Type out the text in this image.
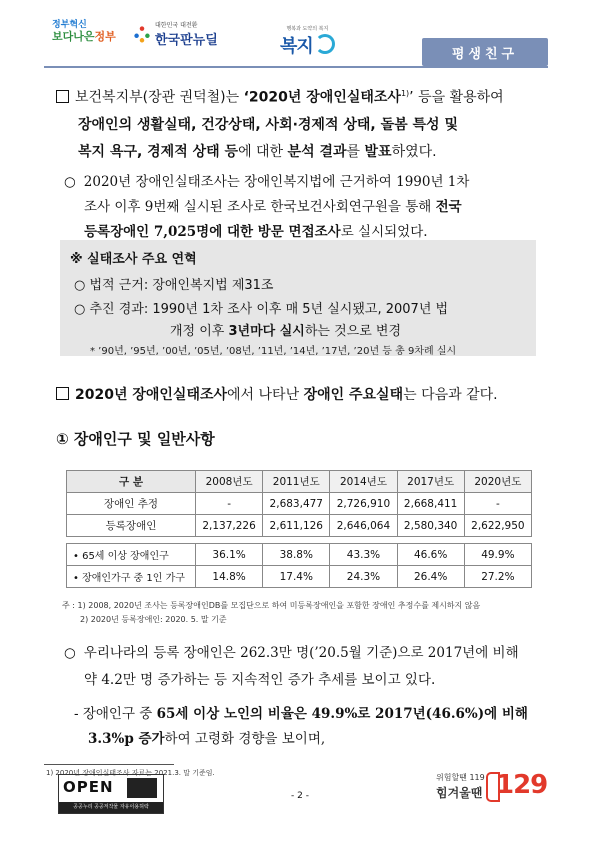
정부혁신
보다나은정부
대한민국 대전환
한국판뉴딜
행복과 도약의 복지
복지	평생친구
보건복지부(장관 권덕철)는 ‘2020년 장애인실태조사$^{1)}$’ 등을 활용하여
장애인의 생활실태, 건강상태, 사회·경제적 상태, 돌봄 특성 및
복지 욕구, 경제적 상태 등에 대한 분석 결과를 발표하였다.
○ 2020년 장애인실태조사는 장애인복지법에 근거하여 1990년 1차
조사 이후 9번째 실시된 조사로 한국보건사회연구원을 통해 전국
등록장애인 7,025명에 대한 방문 면접조사로 실시되었다.
※ 실태조사 주요 연혁
○ 법적 근거: 장애인복지법 제31조
○ 추진 경과: 1990년 1차 조사 이후 매 5년 실시됐고, 2007년 법
개정 이후 3년마다 실시하는 것으로 변경
* ’90년, ’95년, ’00년, ’05년, ’08년, ’11년, ’14년, ’17년, ’20년 등 총 9차례 실시
2020년 장애인실태조사에서 나타난 장애인 주요실태는 다음과 같다.
① 장애인구 및 일반사항
구 분	2008년도	2011년도	2014년도	2017년도	2020년도
장애인 추정	-	2,683,477	2,726,910	2,668,411	-
등록장애인	2,137,226	2,611,126	2,646,064	2,580,340	2,622,950

• 65세 이상 장애인구	36.1%	38.8%	43.3%	46.6%	49.9%
• 장애인가구 중 1인 가구	14.8%	17.4%	24.3%	26.4%	27.2%
주 : 1) 2008, 2020년 조사는 등록장애인DB를 모집단으로 하여 미등록장애인을 포함한 장애인 추정수를 제시하지 않음
2) 2020년 등록장애인: 2020. 5. 말 기준
○ 우리나라의 등록 장애인은 262.3만 명(’20.5월 기준)으로 2017년에 비해
약 4.2만 명 증가하는 등 지속적인 증가 추세를 보이고 있다.
- 장애인구 중 65세 이상 노인의 비율은 49.9%로 2017년(46.6%)에 비해
3.3%p 증가하여 고령화 경향을 보이며,
1) 2020년 장애인실태조사 자료는 2021.3. 말 기준임.
OPEN
공공누리 공공저작물 자유이용허락
- 2 -
위험할땐 119
힘겨울땐 129
